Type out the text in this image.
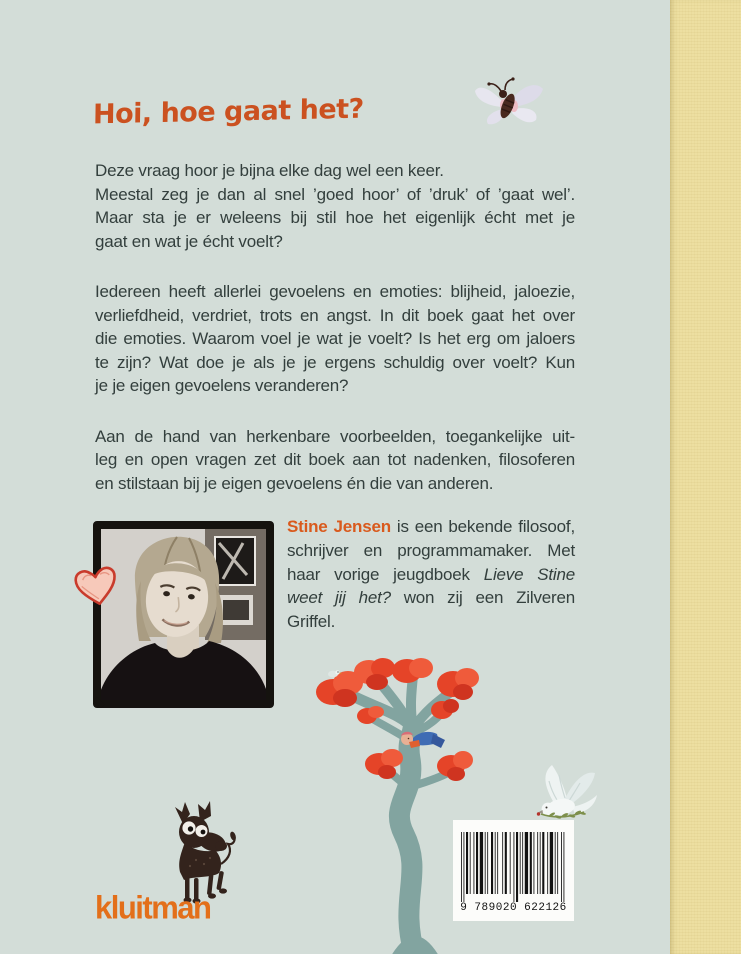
Hoi, hoe gaat het?
Deze vraag hoor je bijna elke dag wel een keer.
Meestal zeg je dan al snel ’goed hoor’ of ’druk’ of ’gaat wel’.
Maar sta je er weleens bij stil hoe het eigenlijk écht met je
gaat en wat je écht voelt?
Iedereen heeft allerlei gevoelens en emoties: blijheid, jaloezie,
verliefdheid, verdriet, trots en angst. In dit boek gaat het over
die emoties. Waarom voel je wat je voelt? Is het erg om jaloers
te zijn? Wat doe je als je je ergens schuldig over voelt? Kun
je je eigen gevoelens veranderen?
Aan de hand van herkenbare voorbeelden, toegankelijke uit-
leg en open vragen zet dit boek aan tot nadenken, filosoferen
en stilstaan bij je eigen gevoelens én die van anderen.
Stine Jensen is een bekende filosoof,
schrijver en programmamaker. Met
haar vorige jeugdboek Lieve Stine
weet jij het? won zij een Zilveren
Griffel.
kluitman	9 789020 622126
